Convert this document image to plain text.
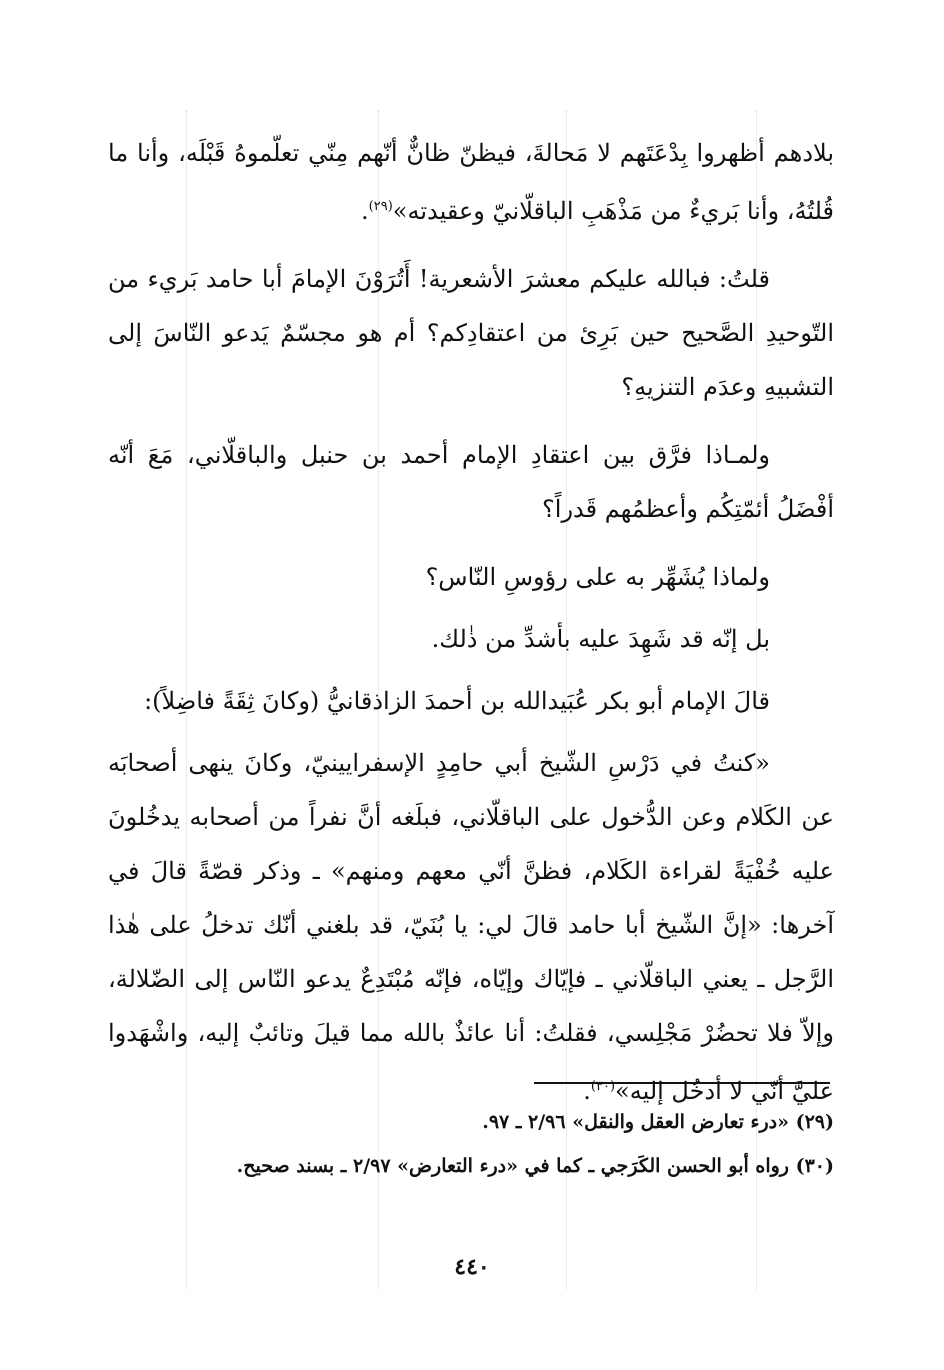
بلادهم أظهروا بِدْعَتَهم لا مَحالةَ، فيظنّ ظانٌّ أنّهم مِنّي تعلّموهُ قَبْلَه، وأنا ما قُلتُهُ، وأنا بَريءٌ من مَذْهَبِ الباقلّانيّ وعقيدته»$^{(٢٩)}$.

قلتُ: فبالله عليكم معشرَ الأشعرية! أَتُرَوْنَ الإمامَ أبا حامد بَريء من التّوحيدِ الصَّحيح حين بَرِئ من اعتقادِكم؟ أم هو مجسّمٌ يَدعو النّاسَ إلى التشبيهِ وعدَم التنزيهِ؟

ولمـاذا فرَّق بين اعتقادِ الإمام أحمد بن حنبل والباقلّاني، مَعَ أنّه أفْضَلُ أئمّتِكُم وأعظمُهم قَدراً؟

ولماذا يُشَهِّر به على رؤوسِ النّاس؟

بل إنّه قد شَهِدَ عليه بأشدِّ من ذٰلك.

قالَ الإمام أبو بكر عُبَيدالله بن أحمدَ الزاذقانيُّ (وكانَ ثِقَةً فاضِلاً):

«كنتُ في دَرْسِ الشّيخ أبي حامِدٍ الإسفرايينيّ، وكانَ ينهى أصحابَه عن الكَلام وعن الدُّخول على الباقلّاني، فبلَغه أنَّ نفراً من أصحابه يدخُلونَ عليه خُفْيَةً لقراءة الكَلام، فظنَّ أنّي معهم ومنهم» ـ وذكر قصّةً قالَ في آخرها: «إنَّ الشّيخ أبا حامد قالَ لي: يا بُنَيّ، قد بلغني أنّك تدخلُ على هٰذا الرَّجل ـ يعني الباقلّاني ـ فإيّاك وإيّاه، فإنّه مُبْتَدِعٌ يدعو النّاس إلى الضّلالة، وإلاّ فلا تحضُرْ مَجْلِسي، فقلتُ: أنا عائذٌ بالله مما قيلَ وتائبٌ إليه، واشْهَدوا عليَّ أنّي لا أدخُل إليه»$^{(٣٠)}$.

(٢٩) «درء تعارض العقل والنقل» ٢/٩٦ ـ ٩٧.

(٣٠) رواه أبو الحسن الكَرَجي ـ كما في «درء التعارض» ٢/٩٧ ـ بسند صحيح.

٤٤٠
